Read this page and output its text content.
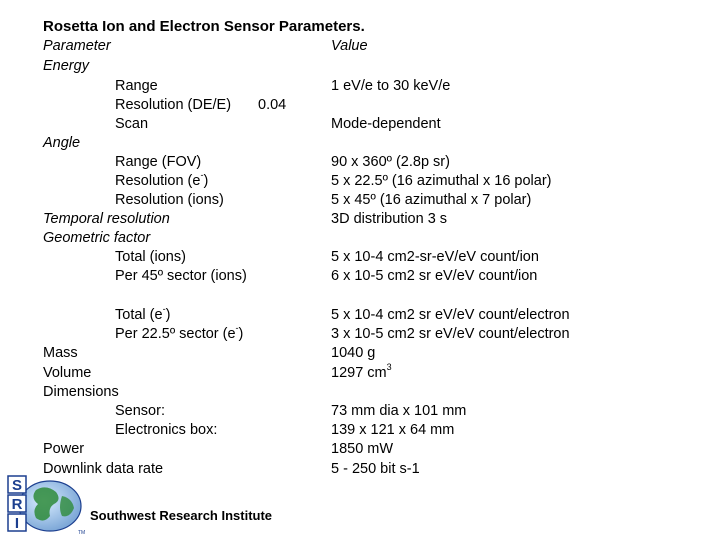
Rosetta Ion and Electron Sensor Parameters.
Parameter	Value
Energy
Range	1 eV/e to 30 keV/e
Resolution (DE/E) 0.04
Scan	Mode-dependent
Angle
Range (FOV)	90 x 360º (2.8p sr)
Resolution (e-)	5 x 22.5º (16 azimuthal x 16 polar)
Resolution (ions)	5 x 45º (16 azimuthal x 7 polar)
Temporal resolution	3D distribution 3 s
Geometric factor
Total (ions)	5 x 10-4 cm2-sr-eV/eV count/ion
Per 45º sector (ions)	6 x 10-5 cm2 sr eV/eV count/ion
Total (e-)	5 x 10-4 cm2 sr eV/eV count/electron
Per 22.5º sector (e-)	3 x 10-5 cm2 sr eV/eV count/electron
Mass	1040 g
Volume	1297 $cm^3$
Dimensions
Sensor:	73 mm dia x 101 mm
Electronics box:	139 x 121 x 64 mm
Power	1850 mW
Downlink data rate	5 - 250 bit s-1
S
R
I
TM
Southwest Research Institute
